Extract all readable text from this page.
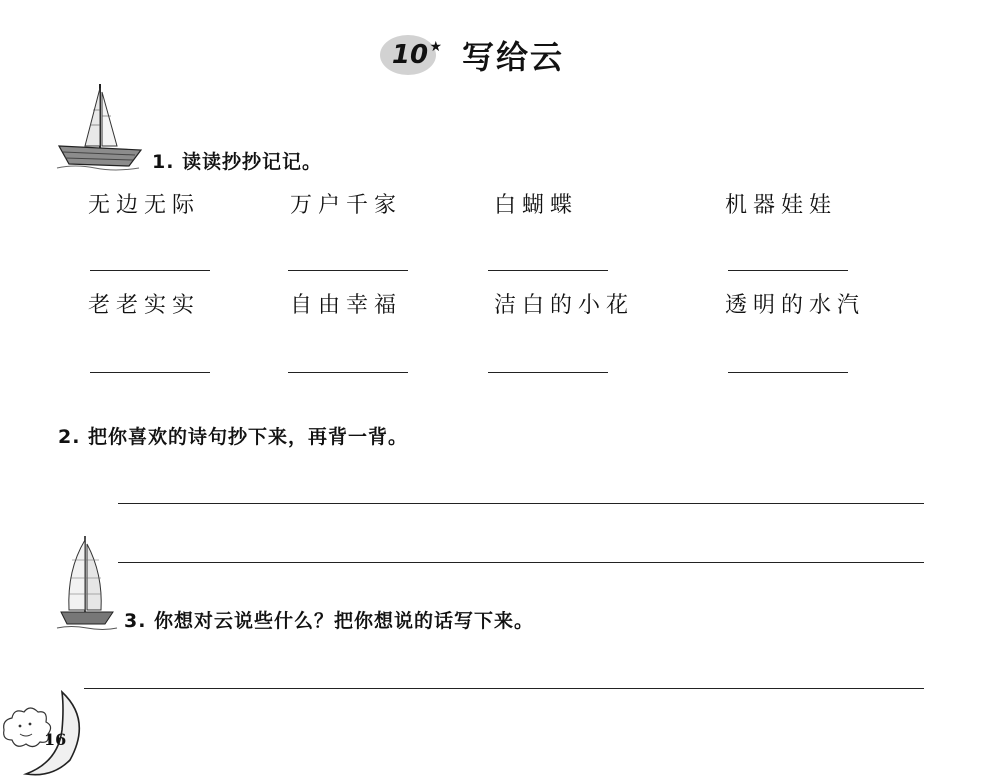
10 ★ 写给云
1. 读读抄抄记记。
无边无际	万户千家	白蝴蝶	机器娃娃
老老实实	自由幸福	洁白的小花	透明的水汽
2. 把你喜欢的诗句抄下来，再背一背。
3. 你想对云说些什么？把你想说的话写下来。
16
